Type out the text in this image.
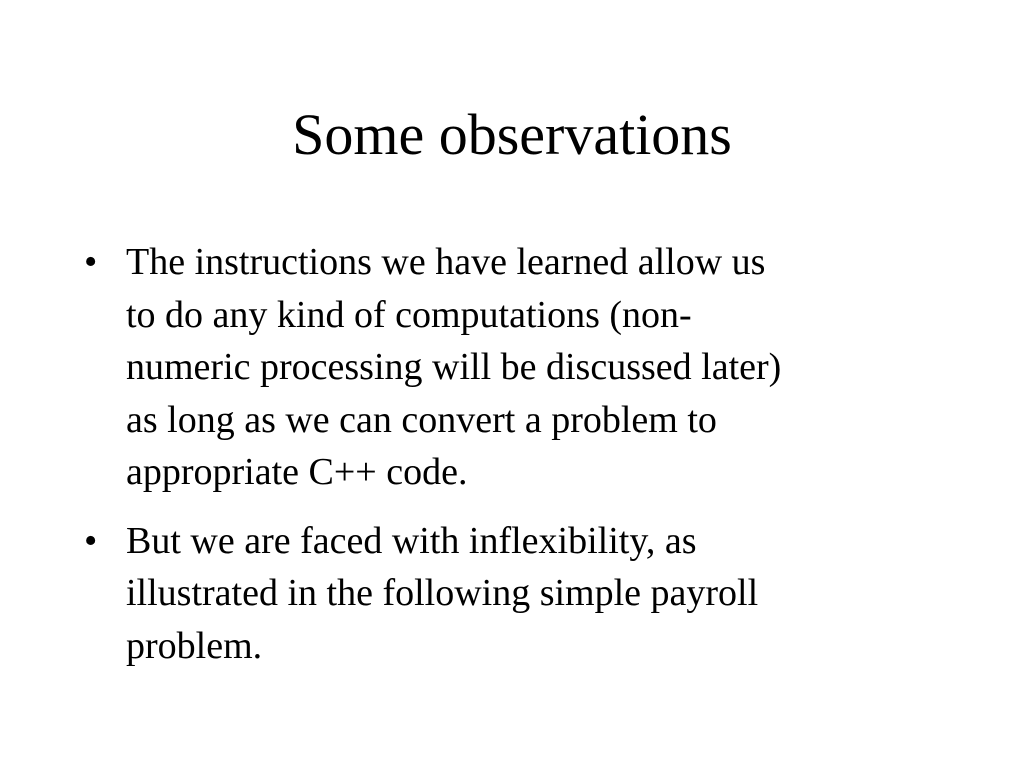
Some observations
• The instructions we have learned allow us
to do any kind of computations (non-
numeric processing will be discussed later)
as long as we can convert a problem to
appropriate C++ code.
• But we are faced with inflexibility, as
illustrated in the following simple payroll
problem.
